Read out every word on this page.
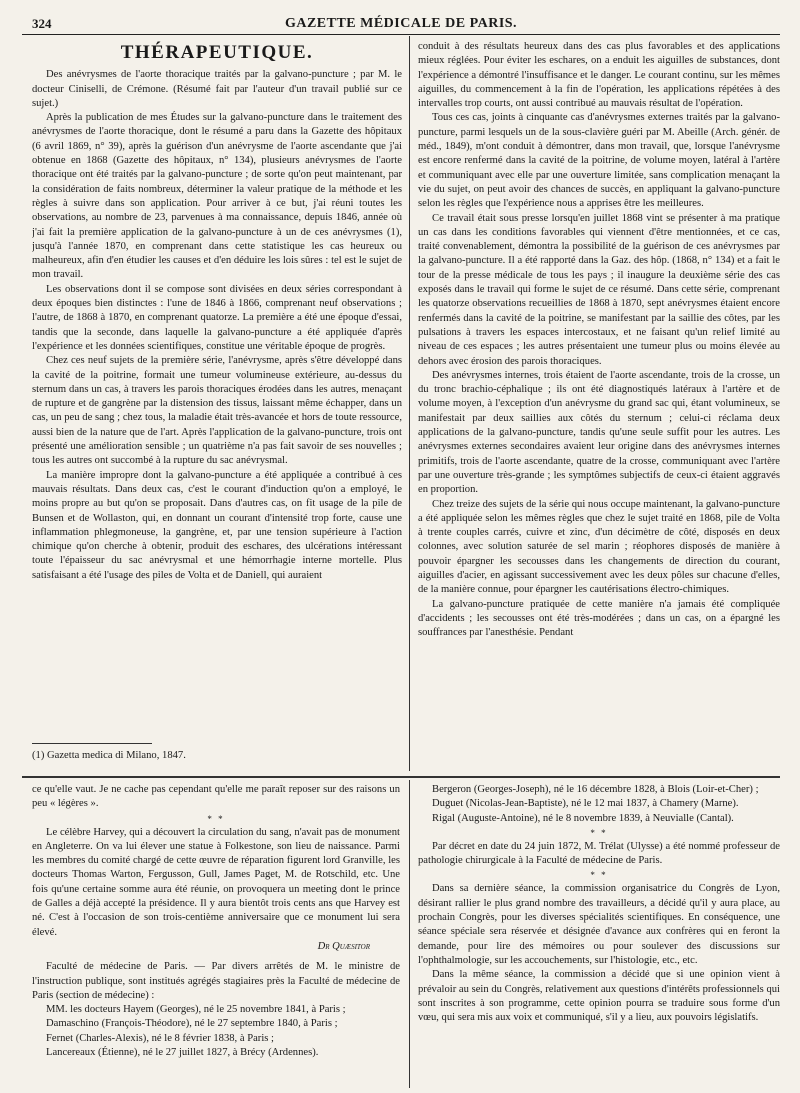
324	GAZETTE MÉDICALE DE PARIS.
THÉRAPEUTIQUE.

Des anévrysmes de l'aorte thoracique traités par la galvano-puncture ; par M. le docteur Ciniselli, de Crémone. (Résumé fait par l'auteur d'un travail publié sur ce sujet.)

Après la publication de mes Études sur la galvano-puncture dans le traitement des anévrysmes de l'aorte thoracique, dont le résumé a paru dans la Gazette des hôpitaux (6 avril 1869, n° 39), après la guérison d'un anévrysme de l'aorte ascendante que j'ai obtenue en 1868 (Gazette des hôpitaux, n° 134), plusieurs anévrysmes de l'aorte thoracique ont été traités par la galvano-puncture ; de sorte qu'on peut maintenant, par la considération de faits nombreux, déterminer la valeur pratique de la méthode et les règles à suivre dans son application. Pour arriver à ce but, j'ai réuni toutes les observations, au nombre de 23, parvenues à ma connaissance, depuis 1846, année où j'ai fait la première application de la galvano-puncture à un de ces anévrysmes (1), jusqu'à l'année 1870, en comprenant dans cette statistique les cas heureux ou malheureux, afin d'en étudier les causes et d'en déduire les lois sûres : tel est le sujet de mon travail.

Les observations dont il se compose sont divisées en deux séries correspondant à deux époques bien distinctes : l'une de 1846 à 1866, comprenant neuf observations ; l'autre, de 1868 à 1870, en comprenant quatorze. La première a été une époque d'essai, tandis que la seconde, dans laquelle la galvano-puncture a été appliquée d'après l'expérience et les données scientifiques, constitue une véritable époque de progrès.

Chez ces neuf sujets de la première série, l'anévrysme, après s'être développé dans la cavité de la poitrine, formait une tumeur volumineuse extérieure, au-dessus du sternum dans un cas, à travers les parois thoraciques érodées dans les autres, menaçant de rupture et de gangrène par la distension des tissus, laissant même échapper, dans un cas, un peu de sang ; chez tous, la maladie était très-avancée et hors de toute ressource, aussi bien de la nature que de l'art. Après l'application de la galvano-puncture, trois ont présenté une amélioration sensible ; un quatrième n'a pas fait savoir de ses nouvelles ; tous les autres ont succombé à la rupture du sac anévrysmal.

La manière impropre dont la galvano-puncture a été appliquée a contribué à ces mauvais résultats. Dans deux cas, c'est le courant d'induction qu'on a employé, le moins propre au but qu'on se proposait. Dans d'autres cas, on fit usage de la pile de Bunsen et de Wollaston, qui, en donnant un courant d'intensité trop forte, cause une inflammation phlegmoneuse, la gangrène, et, par une tension supérieure à l'action chimique qu'on cherche à obtenir, produit des eschares, des ulcérations intéressant toute l'épaisseur du sac anévrysmal et une hémorrhagie interne mortelle. Plus satisfaisant a été l'usage des piles de Volta et de Daniell, qui auraient

(1) Gazetta medica di Milano, 1847.

conduit à des résultats heureux dans des cas plus favorables et des applications mieux réglées. Pour éviter les eschares, on a enduit les aiguilles de substances, dont l'expérience a démontré l'insuffisance et le danger. Le courant continu, sur les mêmes aiguilles, du commencement à la fin de l'opération, les applications répétées à des intervalles trop courts, ont aussi contribué au mauvais résultat de l'opération.

Tous ces cas, joints à cinquante cas d'anévrysmes externes traités par la galvano-puncture, parmi lesquels un de la sous-clavière guéri par M. Abeille (Arch. génér. de méd., 1849), m'ont conduit à démontrer, dans mon travail, que, lorsque l'anévrysme est encore renfermé dans la cavité de la poitrine, de volume moyen, latéral à l'artère et communiquant avec elle par une ouverture limitée, sans complication menaçant la vie du sujet, on peut avoir des chances de succès, en appliquant la galvano-puncture selon les règles que l'expérience nous a apprises être les meilleures.

Ce travail était sous presse lorsqu'en juillet 1868 vint se présenter à ma pratique un cas dans les conditions favorables qui viennent d'être mentionnées, et ce cas, traité convenablement, démontra la possibilité de la guérison de ces anévrysmes par la galvano-puncture. Il a été rapporté dans la Gaz. des hôp. (1868, n° 134) et a fait le tour de la presse médicale de tous les pays ; il inaugure la deuxième série des cas exposés dans le travail qui forme le sujet de ce résumé. Dans cette série, comprenant les quatorze observations recueillies de 1868 à 1870, sept anévrysmes étaient encore renfermés dans la cavité de la poitrine, se manifestant par la saillie des côtes, par les pulsations à travers les espaces intercostaux, et ne faisant qu'un relief limité au niveau de ces espaces ; les autres présentaient une tumeur plus ou moins élevée au dehors avec érosion des parois thoraciques.

Des anévrysmes internes, trois étaient de l'aorte ascendante, trois de la crosse, un du tronc brachio-céphalique ; ils ont été diagnostiqués latéraux à l'artère et de volume moyen, à l'exception d'un anévrysme du grand sac qui, étant volumineux, se manifestait par deux saillies aux côtés du sternum ; celui-ci réclama deux applications de la galvano-puncture, tandis qu'une seule suffit pour les autres. Les anévrysmes externes secondaires avaient leur origine dans des anévrysmes internes primitifs, trois de l'aorte ascendante, quatre de la crosse, communiquant avec l'artère par une ouverture très-grande ; les symptômes subjectifs de ceux-ci étaient aggravés en proportion.

Chez treize des sujets de la série qui nous occupe maintenant, la galvano-puncture a été appliquée selon les mêmes règles que chez le sujet traité en 1868, pile de Volta à trente couples carrés, cuivre et zinc, d'un décimètre de côté, disposés en deux colonnes, avec solution saturée de sel marin ; réophores disposés de manière à pouvoir épargner les secousses dans les changements de direction du courant, aiguilles d'acier, en agissant successivement avec les deux pôles sur chacune d'elles, de la manière connue, pour épargner les cautérisations électro-chimiques.

La galvano-puncture pratiquée de cette manière n'a jamais été compliquée d'accidents ; les secousses ont été très-modérées ; dans un cas, on a épargné les souffrances par l'anesthésie. Pendant

ce qu'elle vaut. Je ne cache pas cependant qu'elle me paraît reposer sur des raisons un peu « légères ».

* *

Le célèbre Harvey, qui a découvert la circulation du sang, n'avait pas de monument en Angleterre. On va lui élever une statue à Folkestone, son lieu de naissance. Parmi les membres du comité chargé de cette œuvre de réparation figurent lord Granville, les docteurs Thomas Warton, Fergusson, Gull, James Paget, M. de Rotschild, etc. Une fois qu'une certaine somme aura été réunie, on provoquera un meeting dont le prince de Galles a déjà accepté la présidence. Il y aura bientôt trois cents ans que Harvey est né. C'est à l'occasion de son trois-centième anniversaire que ce monument lui sera élevé.

Dr Quæsitor

Faculté de médecine de Paris. — Par divers arrêtés de M. le ministre de l'instruction publique, sont institués agrégés stagiaires près la Faculté de médecine de Paris (section de médecine) :

MM. les docteurs Hayem (Georges), né le 25 novembre 1841, à Paris ;

Damaschino (François-Théodore), né le 27 septembre 1840, à Paris ;

Fernet (Charles-Alexis), né le 8 février 1838, à Paris ;

Lancereaux (Étienne), né le 27 juillet 1827, à Brécy (Ardennes).

Bergeron (Georges-Joseph), né le 16 décembre 1828, à Blois (Loir-et-Cher) ;

Duguet (Nicolas-Jean-Baptiste), né le 12 mai 1837, à Chamery (Marne).

Rigal (Auguste-Antoine), né le 8 novembre 1839, à Neuvialle (Cantal).

* *

Par décret en date du 24 juin 1872, M. Trélat (Ulysse) a été nommé professeur de pathologie chirurgicale à la Faculté de médecine de Paris.

* *

Dans sa dernière séance, la commission organisatrice du Congrès de Lyon, désirant rallier le plus grand nombre des travailleurs, a décidé qu'il y aura place, au prochain Congrès, pour les diverses spécialités scientifiques. En conséquence, une séance spéciale sera réservée et désignée d'avance aux confrères qui en feront la demande, pour lire des mémoires ou pour soulever des discussions sur l'ophthalmologie, sur les accouchements, sur l'histologie, etc., etc.

Dans la même séance, la commission a décidé que si une opinion vient à prévaloir au sein du Congrès, relativement aux questions d'intérêts professionnels qui sont inscrites à son programme, cette opinion pourra se traduire sous forme d'un vœu, qui sera mis aux voix et communiqué, s'il y a lieu, aux pouvoirs législatifs.
